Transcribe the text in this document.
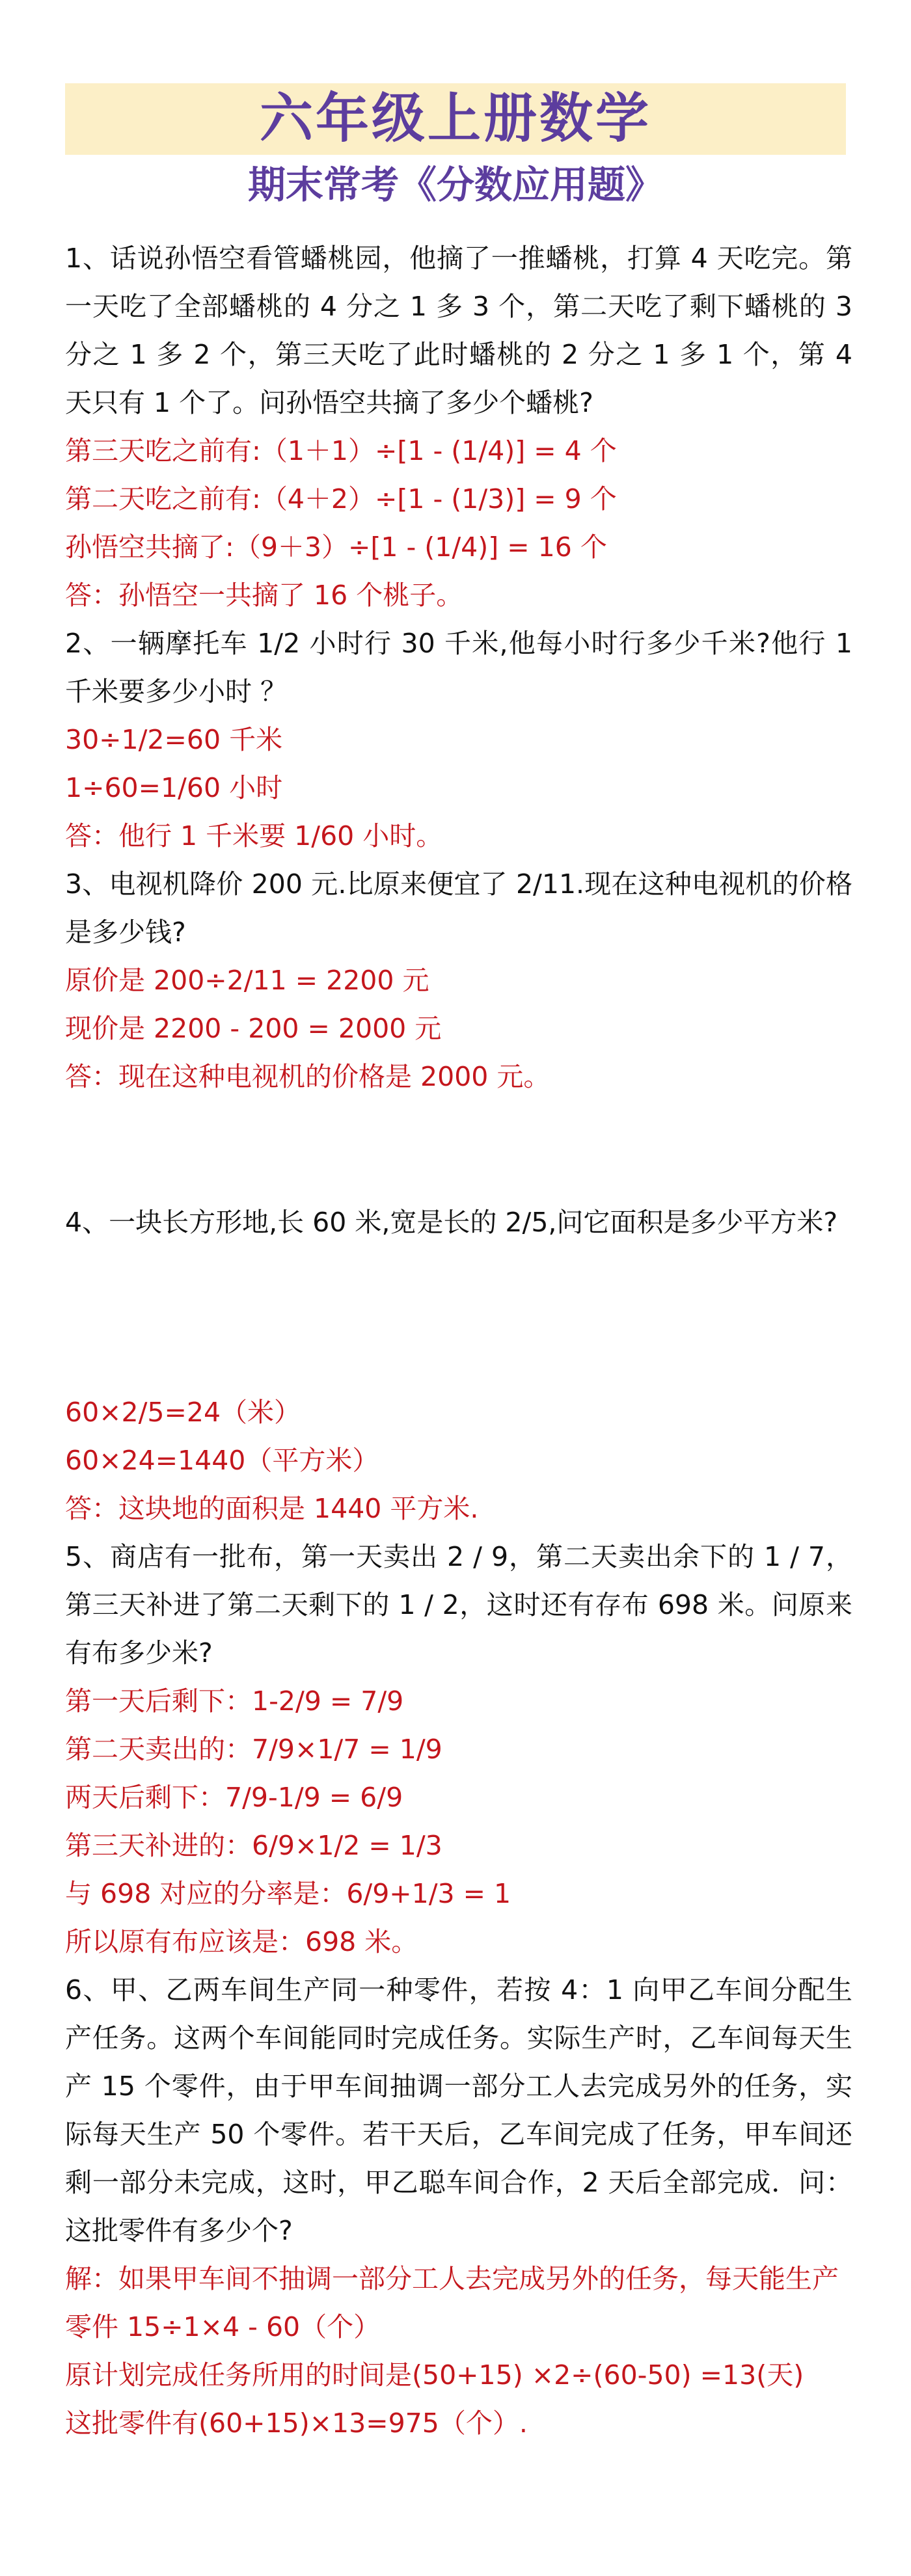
六年级上册数学
期末常考《分数应用题》

1、话说孙悟空看管蟠桃园，他摘了一推蟠桃，打算 4 天吃完。第一天吃了全部蟠桃的 4 分之 1 多 3 个，第二天吃了剩下蟠桃的 3 分之 1 多 2 个，第三天吃了此时蟠桃的 2 分之 1 多 1 个，第 4 天只有 1 个了。问孙悟空共摘了多少个蟠桃?

第三天吃之前有:（1＋1）÷[1 - (1/4)] = 4 个

第二天吃之前有:（4＋2）÷[1 - (1/3)] = 9 个

孙悟空共摘了:（9＋3）÷[1 - (1/4)] = 16 个

答：孙悟空一共摘了 16 个桃子。

2、一辆摩托车 1/2 小时行 30 千米,他每小时行多少千米?他行 1 千米要多少小时 ？

30÷1/2=60 千米

1÷60=1/60 小时

答：他行 1 千米要 1/60 小时。

3、电视机降价 200 元.比原来便宜了 2/11.现在这种电视机的价格是多少钱?

原价是 200÷2/11 = 2200 元

现价是 2200 - 200 = 2000 元

答：现在这种电视机的价格是 2000 元。

4、一块长方形地,长 60 米,宽是长的 2/5,问它面积是多少平方米?

60×2/5=24（米）

60×24=1440（平方米）

答：这块地的面积是 1440 平方米.

5、商店有一批布，第一天卖出 2 / 9，第二天卖出余下的 1 / 7，第三天补进了第二天剩下的 1 / 2，这时还有存布 698 米。问原来有布多少米?

第一天后剩下：1-2/9 = 7/9

第二天卖出的：7/9×1/7 = 1/9

两天后剩下：7/9-1/9 = 6/9

第三天补进的：6/9×1/2 = 1/3

与 698 对应的分率是：6/9+1/3 = 1

所以原有布应该是：698 米。

6、甲、乙两车间生产同一种零件，若按 4：1 向甲乙车间分配生产任务。这两个车间能同时完成任务。实际生产时，乙车间每天生产 15 个零件，由于甲车间抽调一部分工人去完成另外的任务，实际每天生产 50 个零件。若干天后，乙车间完成了任务，甲车间还剩一部分未完成，这时，甲乙聪车间合作，2 天后全部完成．问：这批零件有多少个?

解：如果甲车间不抽调一部分工人去完成另外的任务，每天能生产零件 15÷1×4 - 60（个）

原计划完成任务所用的时间是(50+15) ×2÷(60-50) =13(天)

这批零件有(60+15)×13=975（个）.
